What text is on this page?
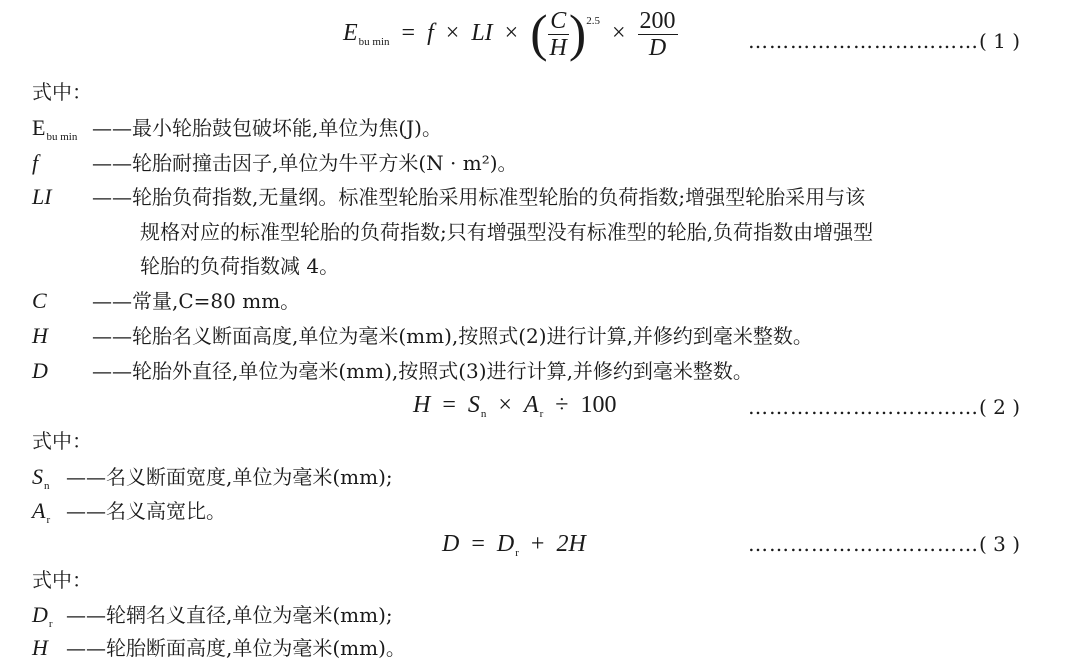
$E_{bu min} = f$ × LI × ( $\frac{C}{H} )^{2.5} \times \frac{200}{D}$	……………………………( 1 )
式中：
$E_{bu min}$ ——最小轮胎鼓包破坏能,单位为焦(J)。
f	——轮胎耐撞击因子,单位为牛平方米(N · m²)。
LI ——轮胎负荷指数,无量纲。标准型轮胎采用标准型轮胎的负荷指数;增强型轮胎采用与该
规格对应的标准型轮胎的负荷指数;只有增强型没有标准型的轮胎,负荷指数由增强型
轮胎的负荷指数减 4。
C ——常量,C=80 mm。
H ——轮胎名义断面高度,单位为毫米(mm),按照式(2)进行计算,并修约到毫米整数。
D ——轮胎外直径,单位为毫米(mm),按照式(3)进行计算,并修约到毫米整数。
$H = S_n \times A_r \div 100$	……………………………( 2 )
式中：
$S_n$ ——名义断面宽度,单位为毫米(mm);
$A_r$ ——名义高宽比。
$D = D_r + 2H$	……………………………( 3 )
式中：
$D_r$ ——轮辋名义直径,单位为毫米(mm);
H ——轮胎断面高度,单位为毫米(mm)。
